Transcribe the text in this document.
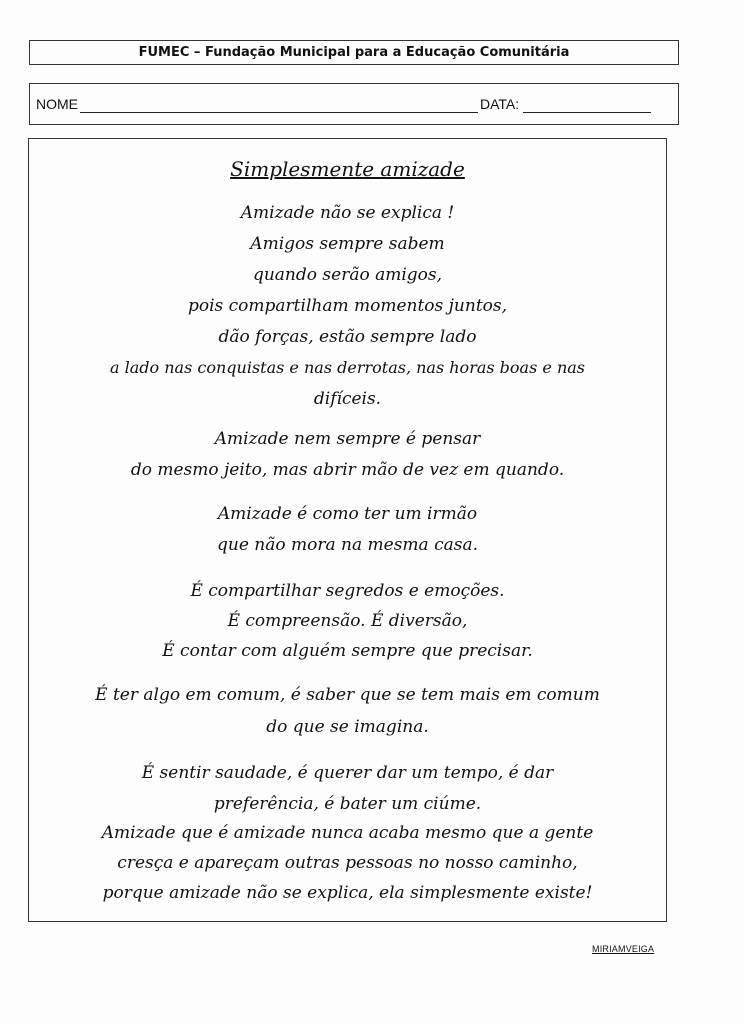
FUMEC – Fundação Municipal para a Educação Comunitária
NOME	DATA:
Simplesmente amizade
Amizade não se explica !
Amigos sempre sabem
quando serão amigos,
pois compartilham momentos juntos,
dão forças, estão sempre lado
a lado nas conquistas e nas derrotas, nas horas boas e nas
difíceis.
Amizade nem sempre é pensar
do mesmo jeito, mas abrir mão de vez em quando.
Amizade é como ter um irmão
que não mora na mesma casa.
É compartilhar segredos e emoções.
É compreensão. É diversão,
É contar com alguém sempre que precisar.
É ter algo em comum, é saber que se tem mais em comum
do que se imagina.
É sentir saudade, é querer dar um tempo, é dar
preferência, é bater um ciúme.
Amizade que é amizade nunca acaba mesmo que a gente
cresça e apareçam outras pessoas no nosso caminho,
porque amizade não se explica, ela simplesmente existe!
MIRIAMVEIGA
